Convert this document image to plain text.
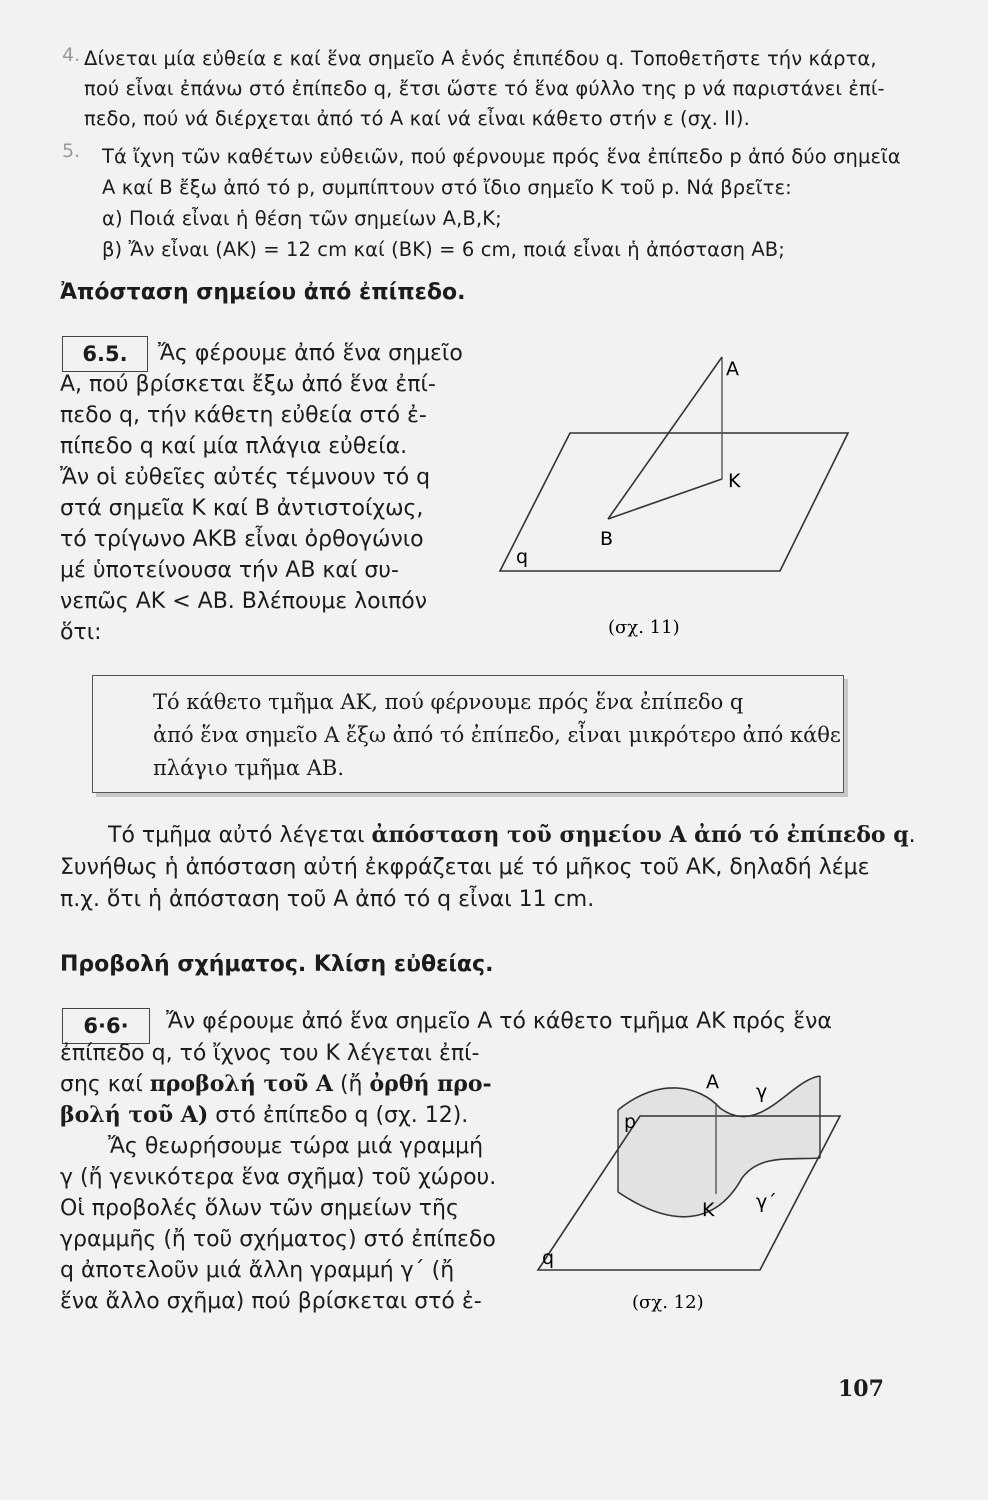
4. Δίνεται μία εὐθεία ε καί ἕνα σημεῖο Α ἑνός ἐπιπέδου q. Τοποθετῆστε τήν κάρτα,
πού εἶναι ἐπάνω στό ἐπίπεδο q, ἔτσι ὥστε τό ἕνα φύλλο της p νά παριστάνει ἐπί-
πεδο, πού νά διέρχεται ἀπό τό Α καί νά εἶναι κάθετο στήν ε (σχ. ΙΙ).
5. Τά ἴχνη τῶν καθέτων εὐθειῶν, πού φέρνουμε πρός ἕνα ἐπίπεδο p ἀπό δύο σημεῖα
Α καί Β ἔξω ἀπό τό p, συμπίπτουν στό ἴδιο σημεῖο Κ τοῦ p. Νά βρεῖτε:
α) Ποιά εἶναι ἡ θέση τῶν σημείων Α,Β,Κ;
β) Ἄν εἶναι (ΑΚ) = 12 cm καί (ΒΚ) = 6 cm, ποιά εἶναι ἡ ἀπόσταση ΑΒ;
Ἀπόσταση σημείου ἀπό ἐπίπεδο.
6.5.	Ἄς φέρουμε ἀπό ἕνα σημεῖο
Α, πού βρίσκεται ἔξω ἀπό ἕνα ἐπί-
πεδο q, τήν κάθετη εὐθεία στό ἐ-
πίπεδο q καί μία πλάγια εὐθεία.
Ἄν οἱ εὐθεῖες αὐτές τέμνουν τό q
στά σημεῖα Κ καί Β ἀντιστοίχως,
τό τρίγωνο ΑΚΒ εἶναι ὀρθογώνιο
μέ ὑποτείνουσα τήν ΑΒ καί συ-
νεπῶς ΑΚ < ΑΒ. Βλέπουμε λοιπόν
ὅτι:
Α
Κ
Β
q
(σχ. 11)
Τό κάθετο τμῆμα ΑΚ, πού φέρνουμε πρός ἕνα ἐπίπεδο q
ἀπό ἕνα σημεῖο Α ἔξω ἀπό τό ἐπίπεδο, εἶναι μικρότερο ἀπό κάθε
πλάγιο τμῆμα ΑΒ.
Τό τμῆμα αὐτό λέγεται ἀπόσταση τοῦ σημείου Α ἀπό τό ἐπίπεδο q.
Συνήθως ἡ ἀπόσταση αὐτή ἐκφράζεται μέ τό μῆκος τοῦ ΑΚ, δηλαδή λέμε
π.χ. ὅτι ἡ ἀπόσταση τοῦ Α ἀπό τό q εἶναι 11 cm.
Προβολή σχήματος. Κλίση εὐθείας.
6·6·	Ἄν φέρουμε ἀπό ἕνα σημεῖο Α τό κάθετο τμῆμα ΑΚ πρός ἕνα
ἐπίπεδο q, τό ἴχνος του Κ λέγεται ἐπί-
σης καί προβολή τοῦ Α (ἤ ὀρθή προ-
βολή τοῦ Α) στό ἐπίπεδο q (σχ. 12).
Ἄς θεωρήσουμε τώρα μιά γραμμή
γ (ἤ γενικότερα ἕνα σχῆμα) τοῦ χώρου.
Οἱ προβολές ὅλων τῶν σημείων τῆς
γραμμῆς (ἤ τοῦ σχήματος) στό ἐπίπεδο
q ἀποτελοῦν μιά ἄλλη γραμμή γ΄ (ἤ
ἕνα ἄλλο σχῆμα) πού βρίσκεται στό ἐ-
Α γ
p
Κ γ΄
q
(σχ. 12)
107
